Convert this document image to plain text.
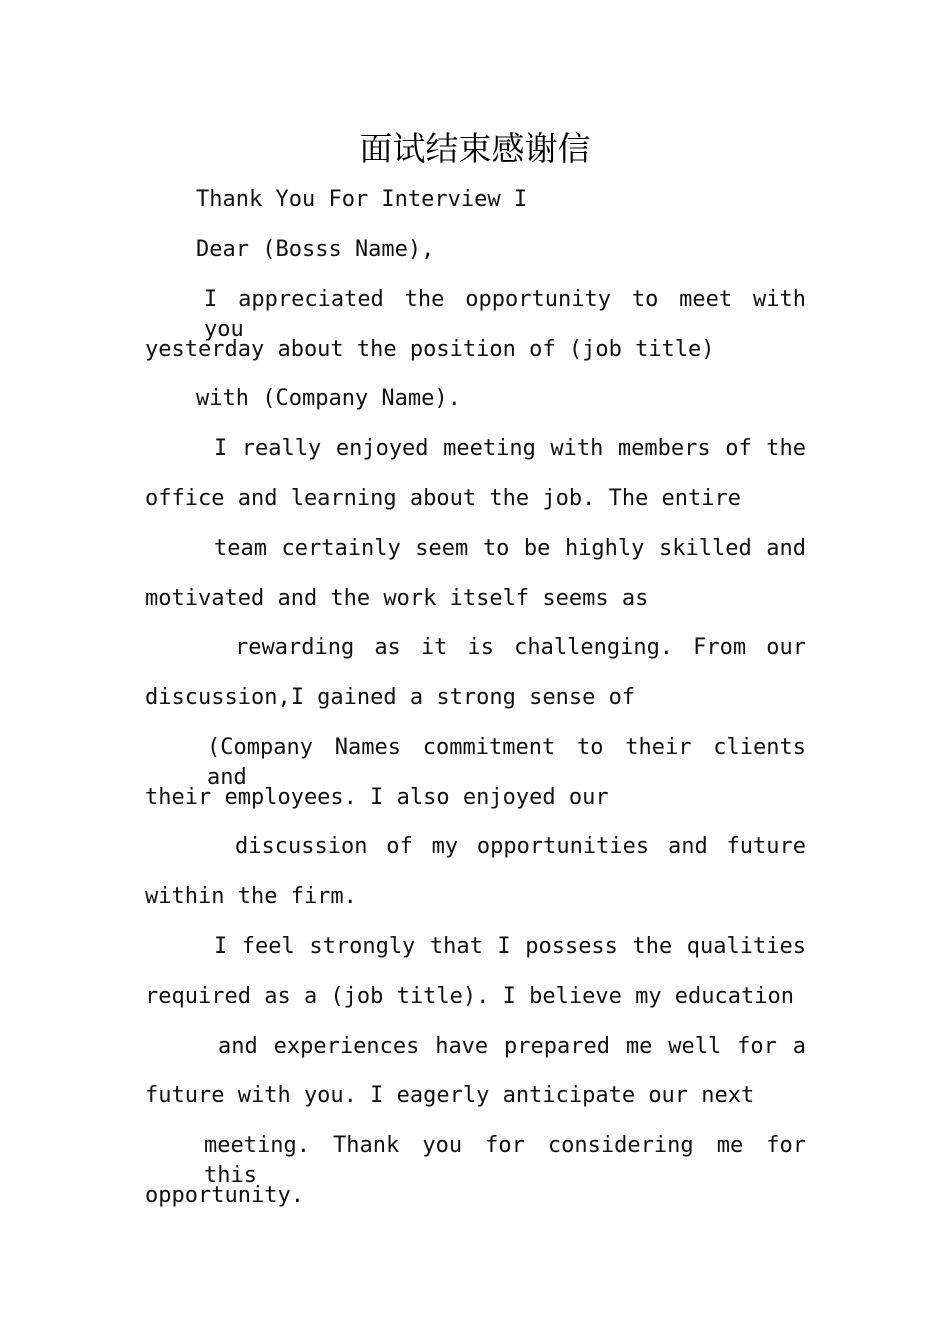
面试结束感谢信

Thank You For Interview I

Dear (Bosss Name),

I appreciated the opportunity to meet with you

yesterday about the position of (job title)

with (Company Name).

I really enjoyed meeting with members of the

office and learning about the job. The entire

team certainly seem to be highly skilled and

motivated and the work itself seems as

rewarding as it is challenging. From our

discussion,I gained a strong sense of

(Company Names commitment to their clients and

their employees. I also enjoyed our

discussion of my opportunities and future

within the firm.

I feel strongly that I possess the qualities

required as a (job title). I believe my education

and experiences have prepared me well for a

future with you. I eagerly anticipate our next

meeting. Thank you for considering me for this

opportunity.
